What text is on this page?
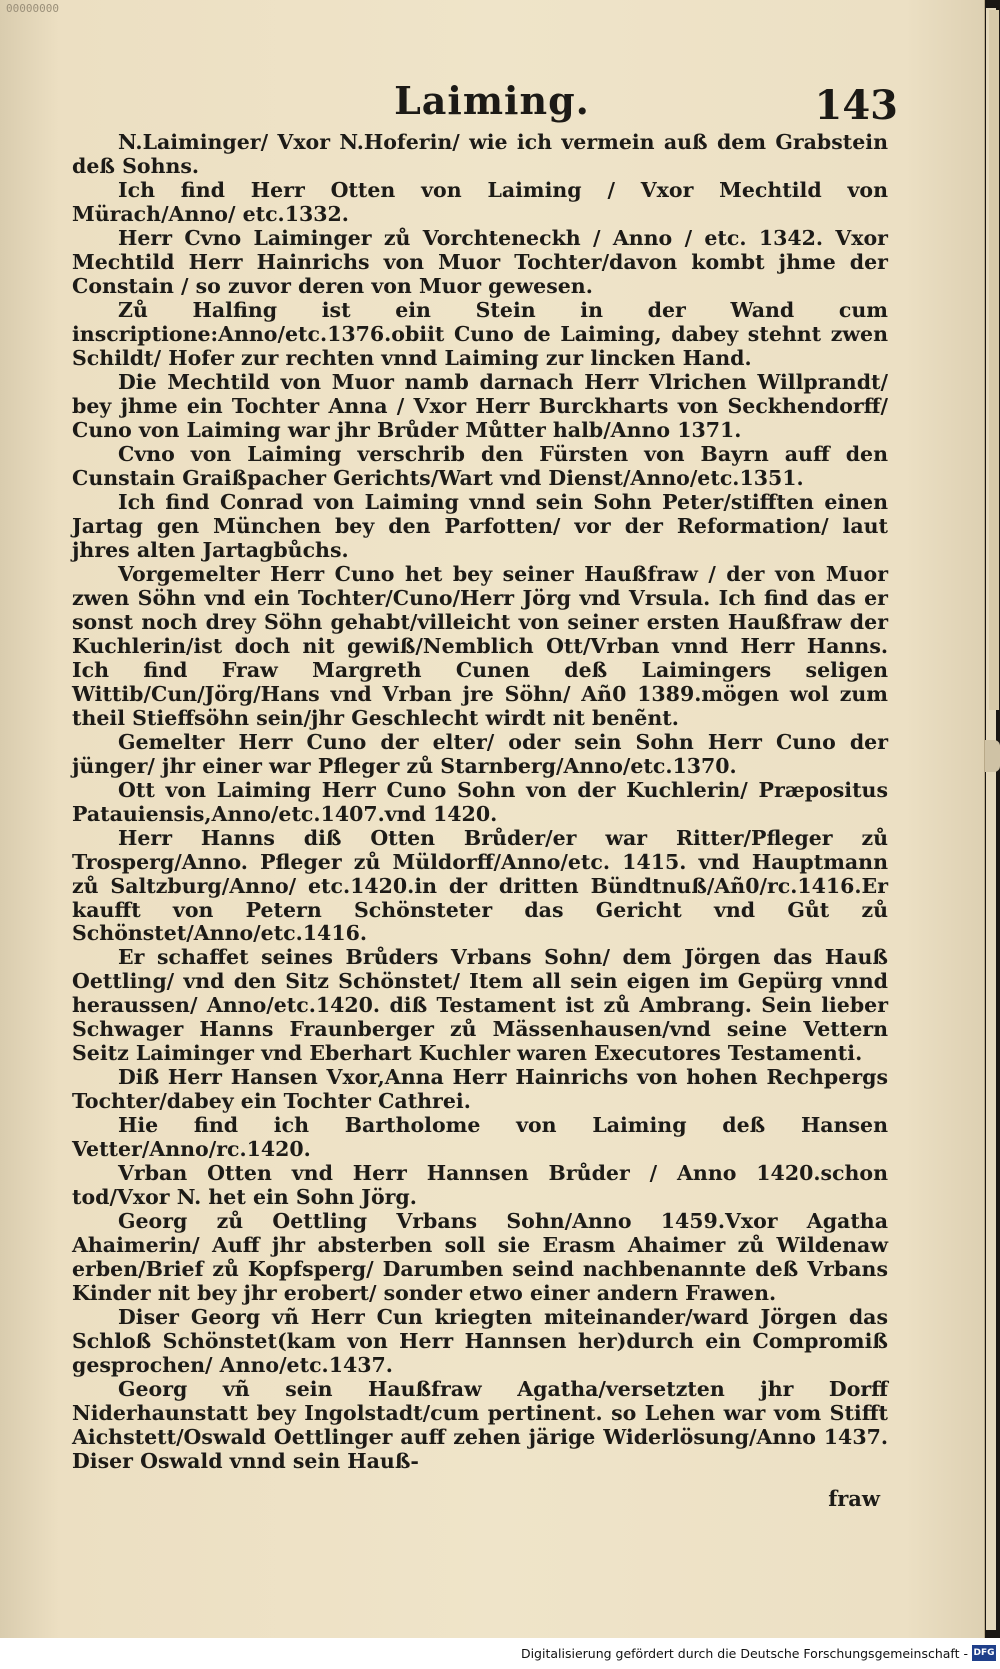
00000000
Laiming.	143

N.Laiminger/ Vxor N.Hoferin/ wie ich vermein auß dem Grabstein deß Sohns.

Ich find Herr Otten von Laiming / Vxor Mechtild von Mürach/Anno/ etc.1332.

Herr Cvno Laiminger zů Vorchteneckh / Anno / etc. 1342. Vxor Mechtild Herr Hainrichs von Muor Tochter/davon kombt jhme der Constain / so zuvor deren von Muor gewesen.

Zů Halfing ist ein Stein in der Wand cum inscriptione:Anno/etc.1376.obiit Cuno de Laiming, dabey stehnt zwen Schildt/ Hofer zur rechten vnnd Laiming zur lincken Hand.

Die Mechtild von Muor namb darnach Herr Vlrichen Willprandt/ bey jhme ein Tochter Anna / Vxor Herr Burckharts von Seckhendorff/ Cuno von Laiming war jhr Brůder Můtter halb/Anno 1371.

Cvno von Laiming verschrib den Fürsten von Bayrn auff den Cunstain Graißpacher Gerichts/Wart vnd Dienst/Anno/etc.1351.

Ich find Conrad von Laiming vnnd sein Sohn Peter/stifften einen Jartag gen München bey den Parfotten/ vor der Reformation/ laut jhres alten Jartagbůchs.

Vorgemelter Herr Cuno het bey seiner Haußfraw / der von Muor zwen Söhn vnd ein Tochter/Cuno/Herr Jörg vnd Vrsula. Ich find das er sonst noch drey Söhn gehabt/villeicht von seiner ersten Haußfraw der Kuchlerin/ist doch nit gewiß/Nemblich Ott/Vrban vnnd Herr Hanns. Ich find Fraw Margreth Cunen deß Laimingers seligen Wittib/Cun/Jörg/Hans vnd Vrban jre Söhn/ Añ0 1389.mögen wol zum theil Stieffsöhn sein/jhr Geschlecht wirdt nit benẽnt.

Gemelter Herr Cuno der elter/ oder sein Sohn Herr Cuno der jünger/ jhr einer war Pfleger zů Starnberg/Anno/etc.1370.

Ott von Laiming Herr Cuno Sohn von der Kuchlerin/ Præpositus Patauiensis,Anno/etc.1407.vnd 1420.

Herr Hanns diß Otten Brůder/er war Ritter/Pfleger zů Trosperg/Anno. Pfleger zů Müldorff/Anno/etc. 1415. vnd Hauptmann zů Saltzburg/Anno/ etc.1420.in der dritten Bündtnuß/Añ0/rc.1416.Er kaufft von Petern Schönsteter das Gericht vnd Gůt zů Schönstet/Anno/etc.1416.

Er schaffet seines Brůders Vrbans Sohn/ dem Jörgen das Hauß Oettling/ vnd den Sitz Schönstet/ Item all sein eigen im Gepürg vnnd heraussen/ Anno/etc.1420. diß Testament ist zů Ambrang. Sein lieber Schwager Hanns Fraunberger zů Mässenhausen/vnd seine Vettern Seitz Laiminger vnd Eberhart Kuchler waren Executores Testamenti.

Diß Herr Hansen Vxor,Anna Herr Hainrichs von hohen Rechpergs Tochter/dabey ein Tochter Cathrei.

Hie find ich Bartholome von Laiming deß Hansen Vetter/Anno/rc.1420.

Vrban Otten vnd Herr Hannsen Brůder / Anno 1420.schon tod/Vxor N. het ein Sohn Jörg.

Georg zů Oettling Vrbans Sohn/Anno 1459.Vxor Agatha Ahaimerin/ Auff jhr absterben soll sie Erasm Ahaimer zů Wildenaw erben/Brief zů Kopfsperg/ Darumben seind nachbenannte deß Vrbans Kinder nit bey jhr erobert/ sonder etwo einer andern Frawen.

Diser Georg vñ Herr Cun kriegten miteinander/ward Jörgen das Schloß Schönstet(kam von Herr Hannsen her)durch ein Compromiß gesprochen/ Anno/etc.1437.

Georg vñ sein Haußfraw Agatha/versetzten jhr Dorff Niderhaunstatt bey Ingolstadt/cum pertinent. so Lehen war vom Stifft Aichstett/Oswald Oettlinger auff zehen järige Widerlösung/Anno 1437. Diser Oswald vnnd sein Hauß-

fraw
Digitalisierung gefördert durch die Deutsche Forschungsgemeinschaft - DFG
